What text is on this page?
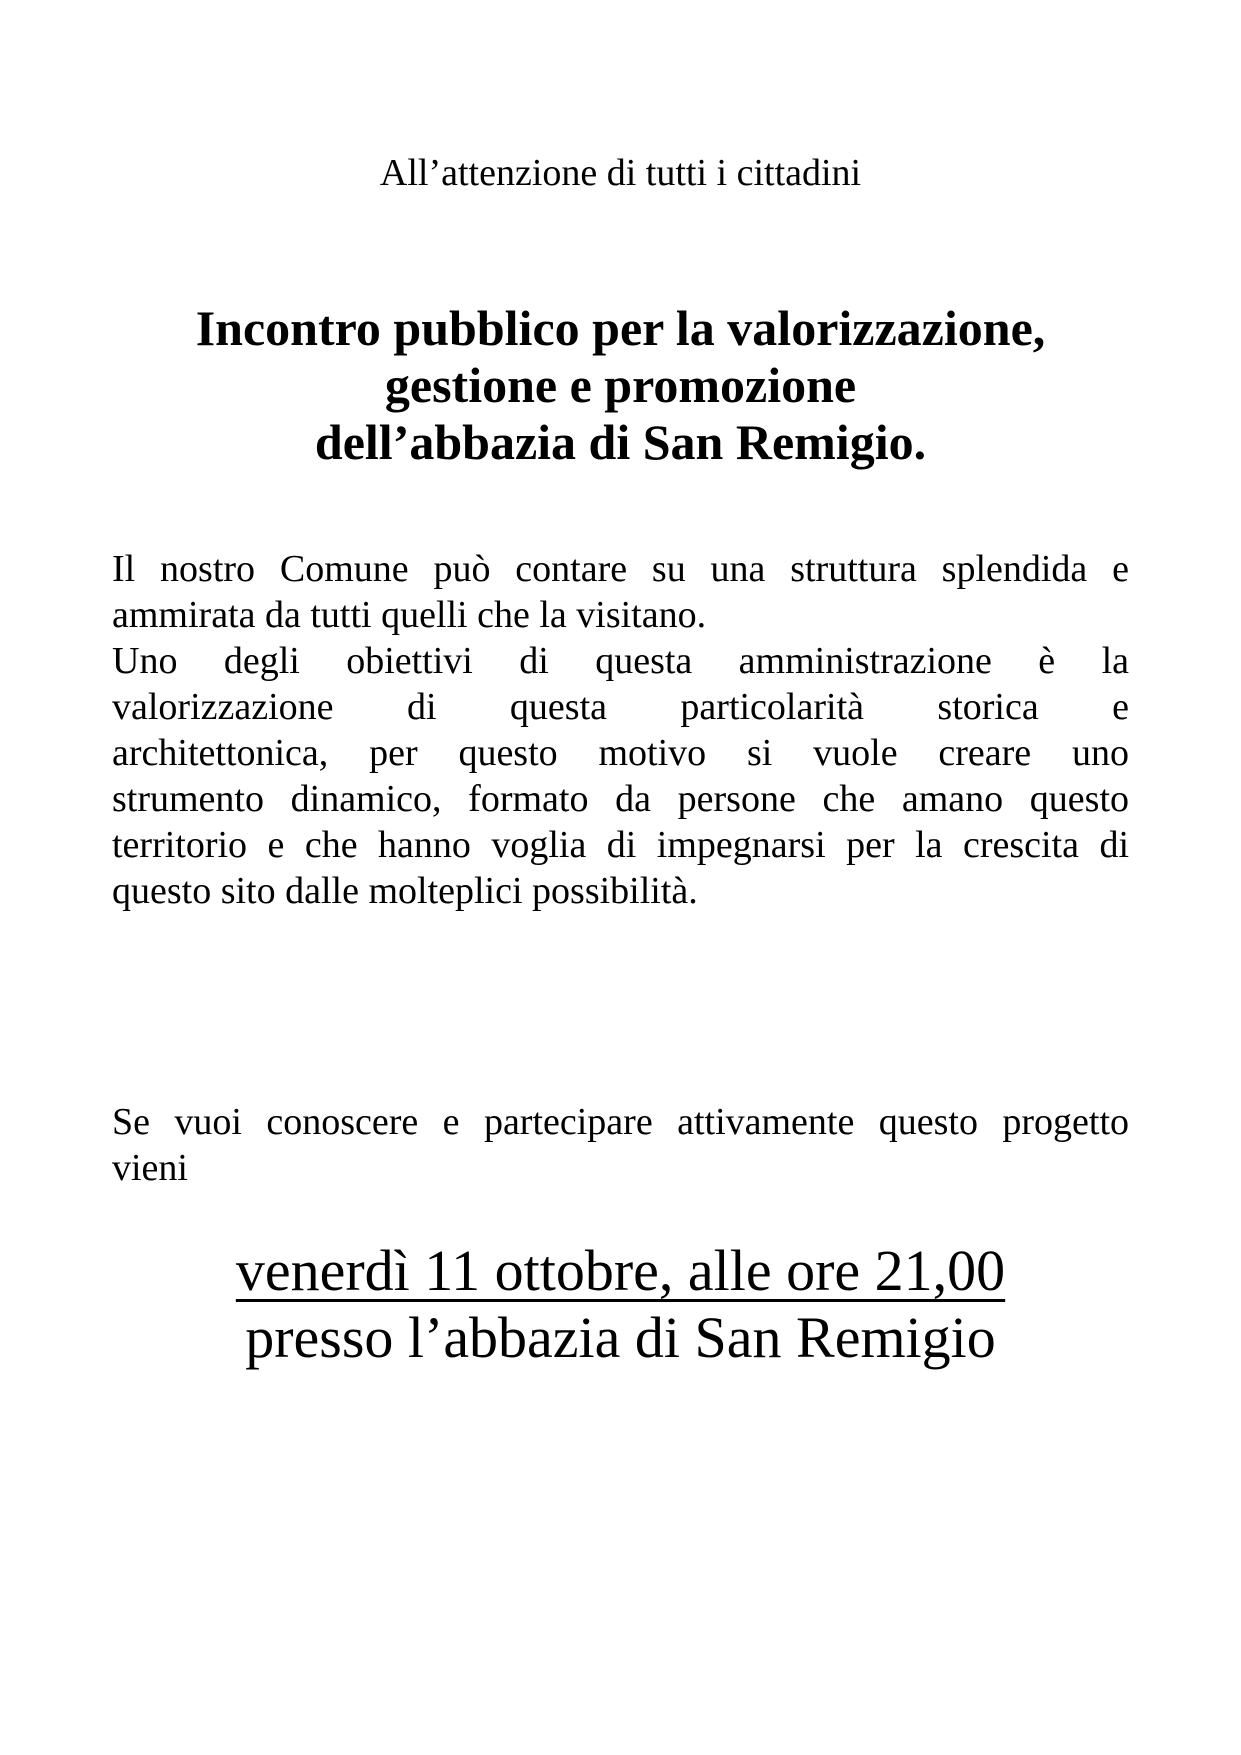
All’attenzione di tutti i cittadini

Incontro pubblico per la valorizzazione,
gestione e promozione
dell’abbazia di San Remigio.
Il nostro Comune può contare su una struttura splendida e
ammirata da tutti quelli che la visitano.
Uno degli obiettivi di questa amministrazione è la
valorizzazione di questa particolarità storica e
architettonica, per questo motivo si vuole creare uno
strumento dinamico, formato da persone che amano questo
territorio e che hanno voglia di impegnarsi per la crescita di
questo sito dalle molteplici possibilità.
Se vuoi conoscere e partecipare attivamente questo progetto
vieni
venerdì 11 ottobre, alle ore 21,00
presso l’abbazia di San Remigio
